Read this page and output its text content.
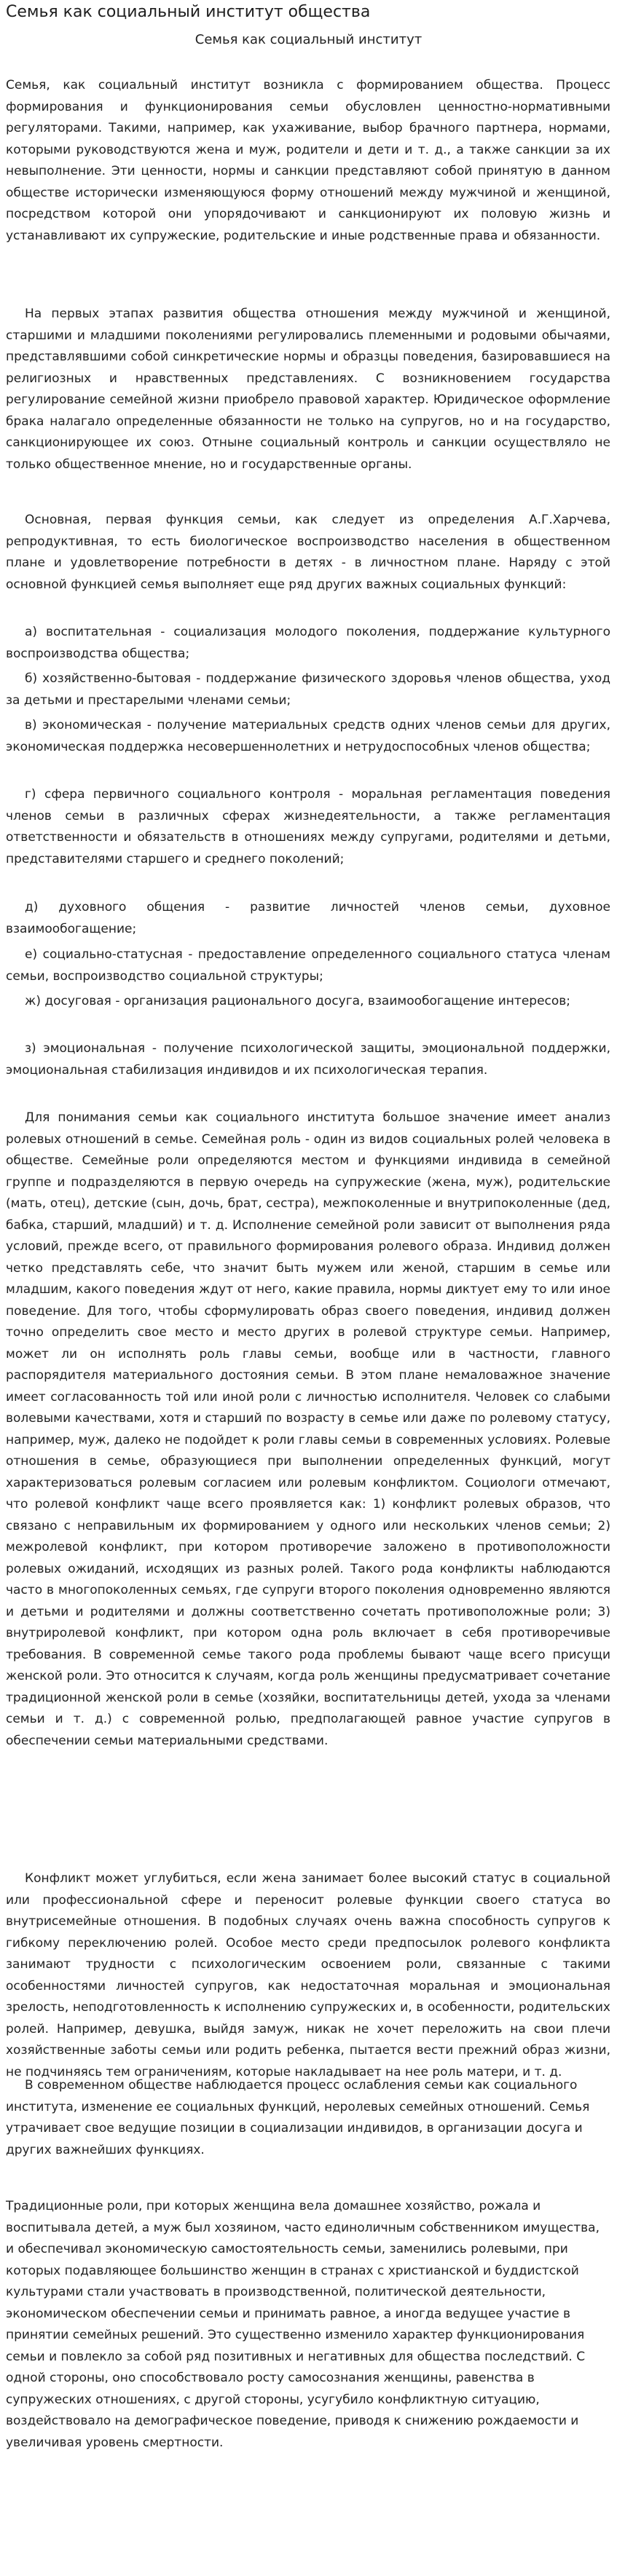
Семья как социальный институт общества
Семья как социальный институт

Семья, как социальный институт возникла с формированием общества. Процесс формирования и функционирования семьи обусловлен ценностно-нормативными регуляторами. Такими, например, как ухаживание, выбор брачного партнера, нормами, которыми руководствуются жена и муж, родители и дети и т. д., а также санкции за их невыполнение. Эти ценности, нормы и санкции представляют собой принятую в данном обществе исторически изменяющуюся форму отношений между мужчиной и женщиной, посредством которой они упорядочивают и санкционируют их половую жизнь и устанавливают их супружеские, родительские и иные родственные права и обязанности.

На первых этапах развития общества отношения между мужчиной и женщиной, старшими и младшими поколениями регулировались племенными и родовыми обычаями, представлявшими собой синкретические нормы и образцы поведения, базировавшиеся на религиозных и нравственных представлениях. С возникновением государства регулирование семейной жизни приобрело правовой характер. Юридическое оформление брака налагало определенные обязанности не только на супругов, но и на государство, санкционирующее их союз. Отныне социальный контроль и санкции осуществляло не только общественное мнение, но и государственные органы.

Основная, первая функция семьи, как следует из определения А.Г.Харчева, репродуктивная, то есть биологическое воспроизводство населения в общественном плане и удовлетворение потребности в детях - в личностном плане. Наряду с этой основной функцией семья выполняет еще ряд других важных социальных функций:

а) воспитательная - социализация молодого поколения, поддержание культурного воспроизводства общества;

б) хозяйственно-бытовая - поддержание физического здоровья членов общества, уход за детьми и престарелыми членами семьи;

в) экономическая - получение материальных средств одних членов семьи для других, экономическая поддержка несовершеннолетних и нетрудоспособных членов общества;

г) сфера первичного социального контроля - моральная регламентация поведения членов семьи в различных сферах жизнедеятельности, а также регламентация ответственности и обязательств в отношениях между супругами, родителями и детьми, представителями старшего и среднего поколений;

д) духовного общения - развитие личностей членов семьи, духовное взаимообогащение;

е) социально-статусная - предоставление определенного социального статуса членам семьи, воспроизводство социальной структуры;

ж) досуговая - организация рационального досуга, взаимообогащение интересов;

з) эмоциональная - получение психологической защиты, эмоциональной поддержки, эмоциональная стабилизация индивидов и их психологическая терапия.

Для понимания семьи как социального института большое значение имеет анализ ролевых отношений в семье. Семейная роль - один из видов социальных ролей человека в обществе. Семейные роли определяются местом и функциями индивида в семейной группе и подразделяются в первую очередь на супружеские (жена, муж), родительские (мать, отец), детские (сын, дочь, брат, сестра), межпоколенные и внутрипоколенные (дед, бабка, старший, младший) и т. д. Исполнение семейной роли зависит от выполнения ряда условий, прежде всего, от правильного формирования ролевого образа. Индивид должен четко представлять себе, что значит быть мужем или женой, старшим в семье или младшим, какого поведения ждут от него, какие правила, нормы диктует ему то или иное поведение. Для того, чтобы сформулировать образ своего поведения, индивид должен точно определить свое место и место других в ролевой структуре семьи. Например, может ли он исполнять роль главы семьи, вообще или в частности, главного распорядителя материального достояния семьи. В этом плане немаловажное значение имеет согласованность той или иной роли с личностью исполнителя. Человек со слабыми волевыми качествами, хотя и старший по возрасту в семье или даже по ролевому статусу, например, муж, далеко не подойдет к роли главы семьи в современных условиях. Ролевые отношения в семье, образующиеся при выполнении определенных функций, могут характеризоваться ролевым согласием или ролевым конфликтом. Социологи отмечают, что ролевой конфликт чаще всего проявляется как: 1) конфликт ролевых образов, что связано с неправильным их формированием у одного или нескольких членов семьи; 2) межролевой конфликт, при котором противоречие заложено в противоположности ролевых ожиданий, исходящих из разных ролей. Такого рода конфликты наблюдаются часто в многопоколенных семьях, где супруги второго поколения одновременно являются и детьми и родителями и должны соответственно сочетать противоположные роли; 3) внутриролевой конфликт, при котором одна роль включает в себя противоречивые требования. В современной семье такого рода проблемы бывают чаще всего присущи женской роли. Это относится к случаям, когда роль женщины предусматривает сочетание традиционной женской роли в семье (хозяйки, воспитательницы детей, ухода за членами семьи и т. д.) с современной ролью, предполагающей равное участие супругов в обеспечении семьи материальными средствами.

Конфликт может углубиться, если жена занимает более высокий статус в социальной или профессиональной сфере и переносит ролевые функции своего статуса во внутрисемейные отношения. В подобных случаях очень важна способность супругов к гибкому переключению ролей. Особое место среди предпосылок ролевого конфликта занимают трудности с психологическим освоением роли, связанные с такими особенностями личностей супругов, как недостаточная моральная и эмоциональная зрелость, неподготовленность к исполнению супружеских и, в особенности, родительских ролей. Например, девушка, выйдя замуж, никак не хочет переложить на свои плечи хозяйственные заботы семьи или родить ребенка, пытается вести прежний образ жизни, не подчиняясь тем ограничениям, которые накладывает на нее роль матери, и т. д.

В современном обществе наблюдается процесс ослабления семьи как социального института, изменение ее социальных функций, неролевых семейных отношений. Семья утрачивает свое ведущие позиции в социализации индивидов, в организации досуга и других важнейших функциях.

Традиционные роли, при которых женщина вела домашнее хозяйство, рожала и воспитывала детей, а муж был хозяином, часто единоличным собственником имущества, и обеспечивал экономическую самостоятельность семьи, заменились ролевыми, при которых подавляющее большинство женщин в странах с христианской и буддистской культурами стали участвовать в производственной, политической деятельности, экономическом обеспечении семьи и принимать равное, а иногда ведущее участие в принятии семейных решений. Это существенно изменило характер функционирования семьи и повлекло за собой ряд позитивных и негативных для общества последствий. С одной стороны, оно способствовало росту самосознания женщины, равенства в супружеских отношениях, с другой стороны, усугубило конфликтную ситуацию, воздействовало на демографическое поведение, приводя к снижению рождаемости и увеличивая уровень смертности.
